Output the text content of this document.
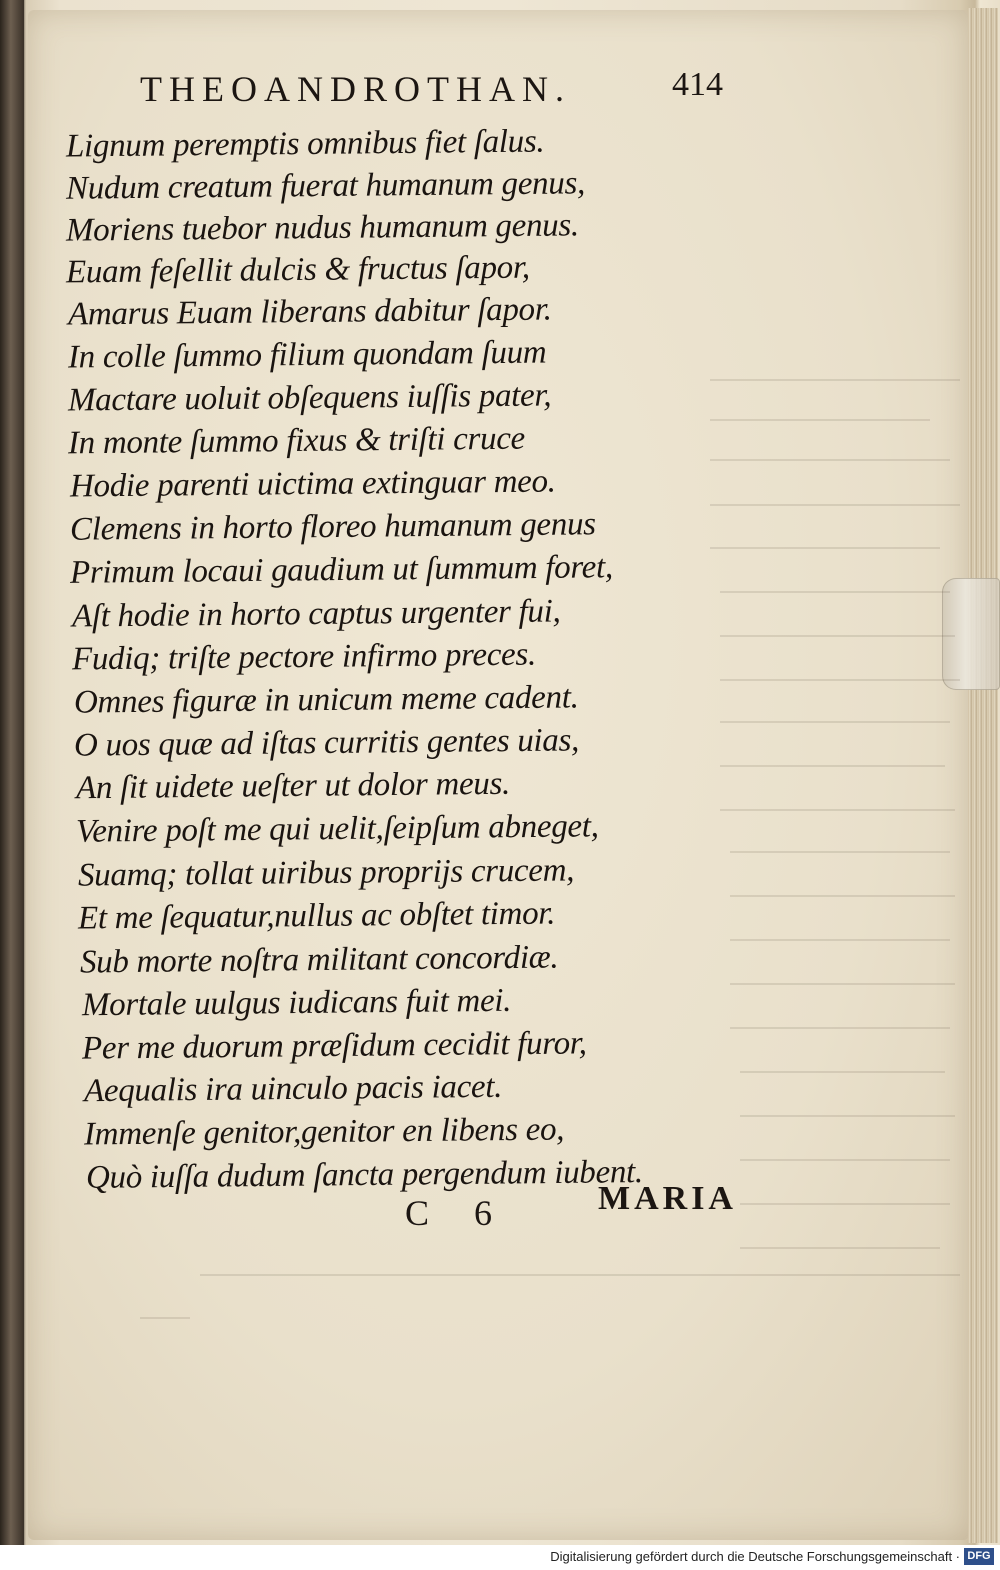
THEOANDROTHAN.	414
Lignum peremptis omnibus fiet ſalus.
Nudum creatum fuerat humanum genus,
Moriens tuebor nudus humanum genus.
Euam feſellit dulcis & fructus ſapor,
Amarus Euam liberans dabitur ſapor.
In colle ſummo filium quondam ſuum
Mactare uoluit obſequens iuſſis pater,
In monte ſummo fixus & triſti cruce
Hodie parenti uictima extinguar meo.
Clemens in horto floreo humanum genus
Primum locaui gaudium ut ſummum foret,
Aſt hodie in horto captus urgenter fui,
Fudiq; triſte pectore infirmo preces.
Omnes figuræ in unicum meme cadent.
O uos quæ ad iſtas curritis gentes uias,
An ſit uidete ueſter ut dolor meus.
Venire poſt me qui uelit,ſeipſum abneget,
Suamq; tollat uiribus proprijs crucem,
Et me ſequatur,nullus ac obſtet timor.
Sub morte noſtra militant concordiæ.
Mortale uulgus iudicans fuit mei.
Per me duorum præſidum cecidit furor,
Aequalis ira uinculo pacis iacet.
Immenſe genitor,genitor en libens eo,
Quò iuſſa dudum ſancta pergendum iubent.
C 6	MARIA
Digitalisierung gefördert durch die Deutsche Forschungsgemeinschaft · DFG
